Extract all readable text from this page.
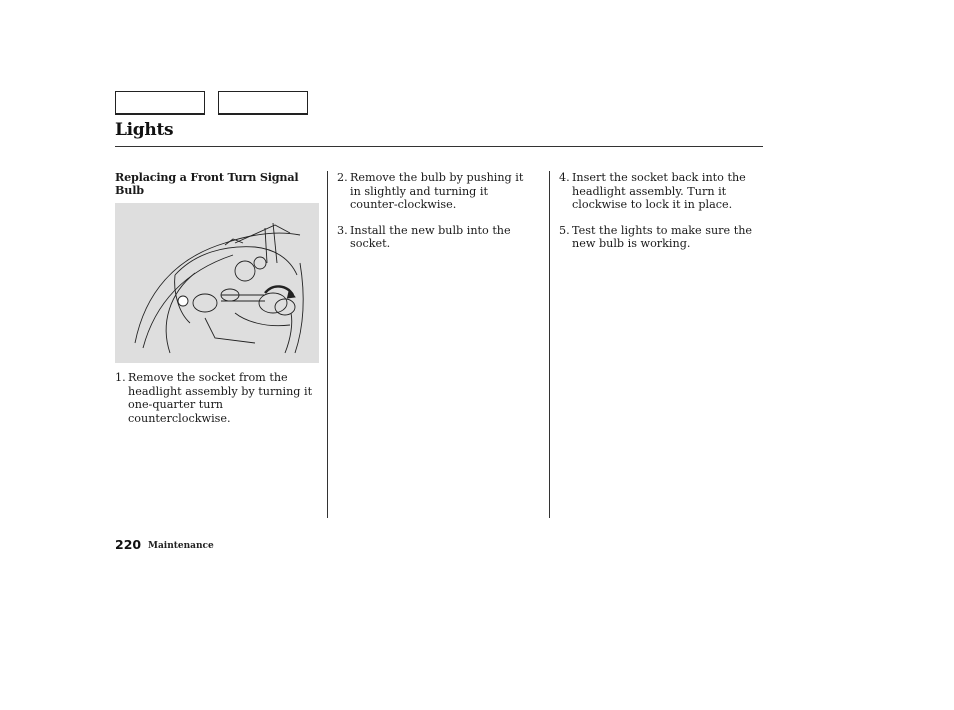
Lights
Replacing a Front Turn Signal Bulb
1. Remove the socket from the headlight assembly by turning it one-quarter turn counterclockwise.
2. Remove the bulb by pushing it in slightly and turning it counter-clockwise.
3. Install the new bulb into the socket.
4. Insert the socket back into the headlight assembly. Turn it clockwise to lock it in place.
5. Test the lights to make sure the new bulb is working.
220 Maintenance
